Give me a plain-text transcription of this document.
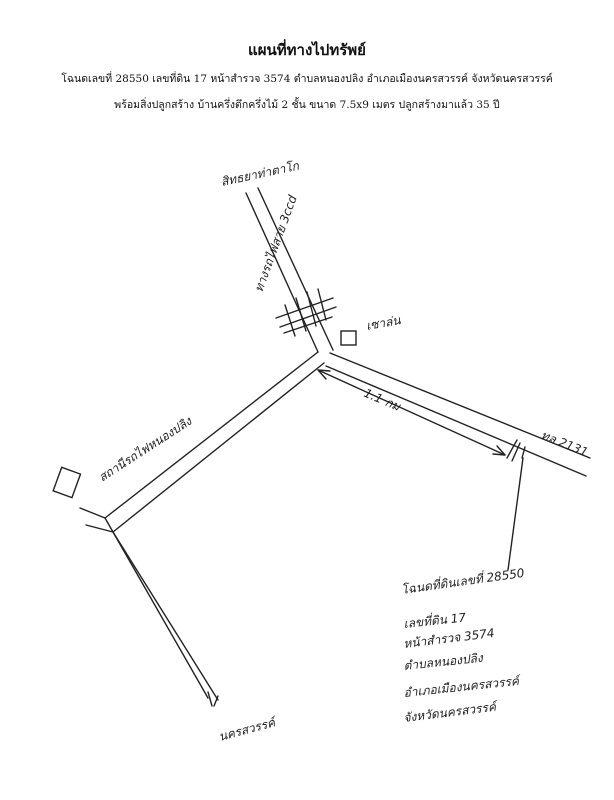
แผนที่ทางไปทรัพย์
โฉนดเลขที่ 28550 เลขที่ดิน 17 หน้าสำรวจ 3574 ตำบลหนองปลิง อำเภอเมืองนครสวรรค์ จังหวัดนครสวรรค์
พร้อมสิ่งปลูกสร้าง บ้านครึ่งตึกครึ่งไม้ 2 ชั้น ขนาด 7.5x9 เมตร ปลูกสร้างมาแล้ว 35 ปี
สิทธยาท่าตาโก
ทางรถไฟสาย 3ccd
เซาล่น
1.1 กม
ทล 2131
สถานีรถไฟหนองปลิง
นครสวรรค์
โฉนดที่ดินเลขที่ 28550
เลขที่ดิน 17
หน้าสำรวจ 3574
ตำบลหนองปลิง
อำเภอเมืองนครสวรรค์
จังหวัดนครสวรรค์
